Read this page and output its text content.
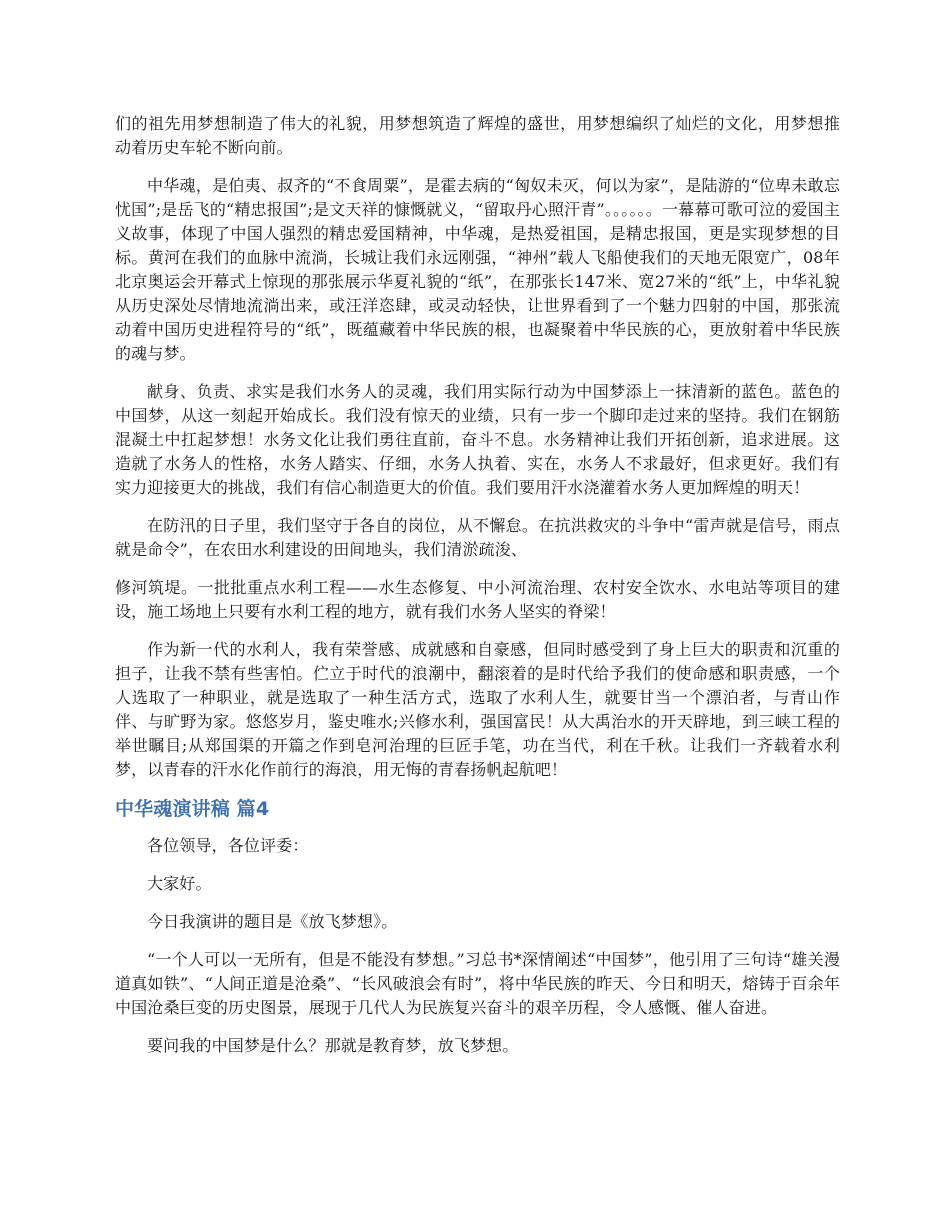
们的祖先用梦想制造了伟大的礼貌，用梦想筑造了辉煌的盛世，用梦想编织了灿烂的文化，用梦想推动着历史车轮不断向前。

中华魂，是伯夷、叔齐的“不食周粟”，是霍去病的“匈奴未灭，何以为家”，是陆游的“位卑未敢忘忧国”;是岳飞的“精忠报国”;是文天祥的慷慨就义，“留取丹心照汗青”。。。。。。一幕幕可歌可泣的爱国主义故事，体现了中国人强烈的精忠爱国精神，中华魂，是热爱祖国，是精忠报国，更是实现梦想的目标。黄河在我们的血脉中流淌，长城让我们永远刚强，“神州”载人飞船使我们的天地无限宽广，08年北京奥运会开幕式上惊现的那张展示华夏礼貌的“纸”，在那张长147米、宽27米的“纸”上，中华礼貌从历史深处尽情地流淌出来，或汪洋恣肆，或灵动轻快，让世界看到了一个魅力四射的中国，那张流动着中国历史进程符号的“纸”，既蕴藏着中华民族的根，也凝聚着中华民族的心，更放射着中华民族的魂与梦。

献身、负责、求实是我们水务人的灵魂，我们用实际行动为中国梦添上一抹清新的蓝色。蓝色的中国梦，从这一刻起开始成长。我们没有惊天的业绩，只有一步一个脚印走过来的坚持。我们在钢筋混凝土中扛起梦想！水务文化让我们勇往直前，奋斗不息。水务精神让我们开拓创新，追求进展。这造就了水务人的性格，水务人踏实、仔细，水务人执着、实在，水务人不求最好，但求更好。我们有实力迎接更大的挑战，我们有信心制造更大的价值。我们要用汗水浇灌着水务人更加辉煌的明天！

在防汛的日子里，我们坚守于各自的岗位，从不懈怠。在抗洪救灾的斗争中“雷声就是信号，雨点就是命令”，在农田水利建设的田间地头，我们清淤疏浚、

修河筑堤。一批批重点水利工程——水生态修复、中小河流治理、农村安全饮水、水电站等项目的建设，施工场地上只要有水利工程的地方，就有我们水务人坚实的脊梁！

作为新一代的水利人，我有荣誉感、成就感和自豪感，但同时感受到了身上巨大的职责和沉重的担子，让我不禁有些害怕。伫立于时代的浪潮中，翻滚着的是时代给予我们的使命感和职责感，一个人选取了一种职业，就是选取了一种生活方式，选取了水利人生，就要甘当一个漂泊者，与青山作伴、与旷野为家。悠悠岁月，鉴史唯水;兴修水利，强国富民！从大禹治水的开天辟地，到三峡工程的举世瞩目;从郑国渠的开篇之作到皂河治理的巨匠手笔，功在当代，利在千秋。让我们一齐载着水利梦，以青春的汗水化作前行的海浪，用无悔的青春扬帆起航吧！

中华魂演讲稿 篇4

各位领导，各位评委：

大家好。

今日我演讲的题目是《放飞梦想》。

“一个人可以一无所有，但是不能没有梦想。”习总书*深情阐述“中国梦”，他引用了三句诗“雄关漫道真如铁”、“人间正道是沧桑”、“长风破浪会有时”，将中华民族的昨天、今日和明天，熔铸于百余年中国沧桑巨变的历史图景，展现于几代人为民族复兴奋斗的艰辛历程，令人感慨、催人奋进。

要问我的中国梦是什么？那就是教育梦，放飞梦想。
